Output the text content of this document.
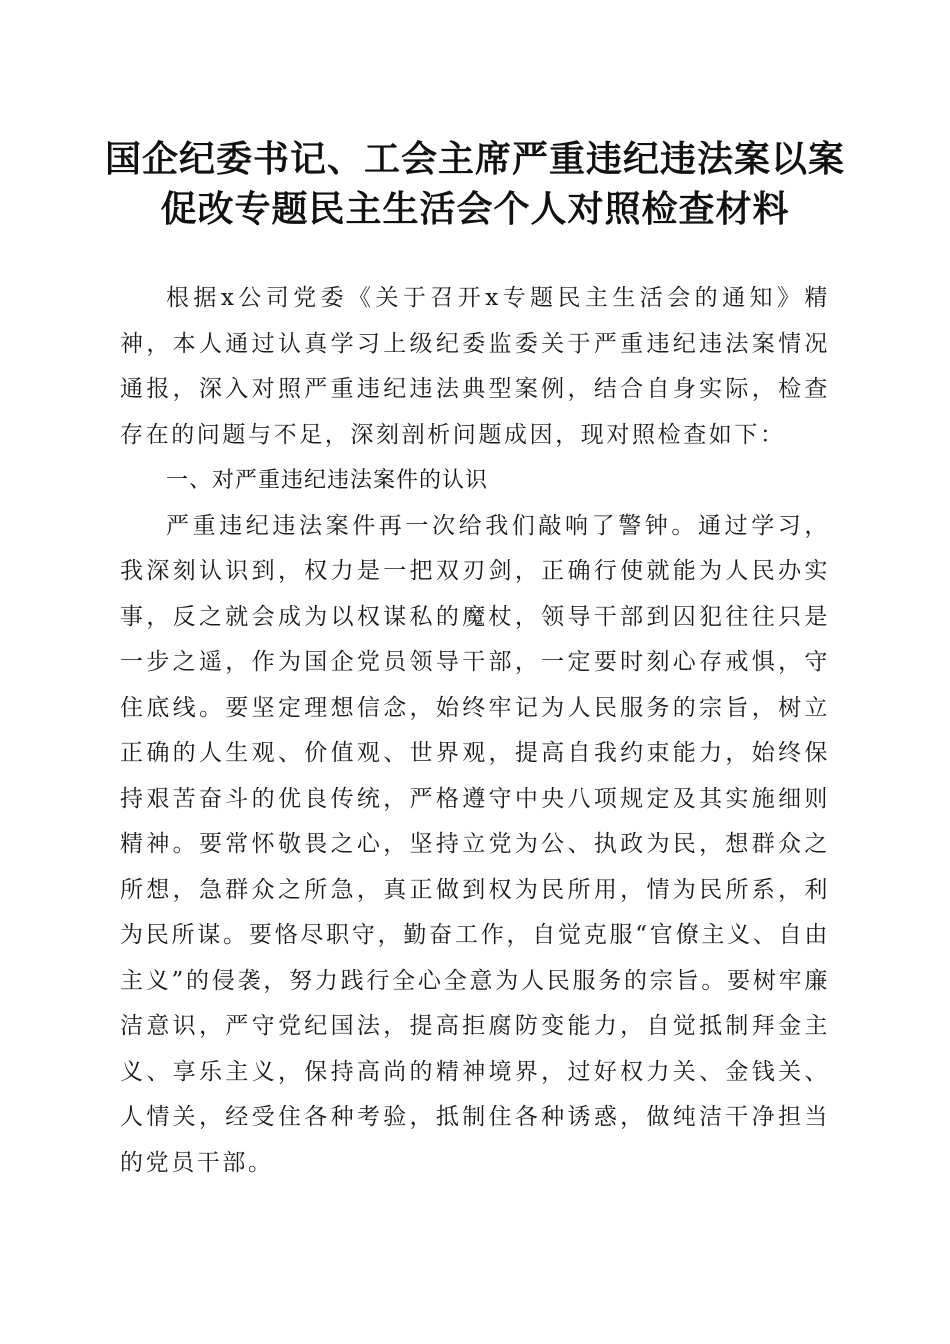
国企纪委书记、工会主席严重违纪违法案以案
促改专题民主生活会个人对照检查材料

根据x公司党委《关于召开x专题民主生活会的通知》精神，本人通过认真学习上级纪委监委关于严重违纪违法案情况通报，深入对照严重违纪违法典型案例，结合自身实际，检查存在的问题与不足，深刻剖析问题成因，现对照检查如下：

一、对严重违纪违法案件的认识

严重违纪违法案件再一次给我们敲响了警钟。通过学习，我深刻认识到，权力是一把双刃剑，正确行使就能为人民办实事，反之就会成为以权谋私的魔杖，领导干部到囚犯往往只是一步之遥，作为国企党员领导干部，一定要时刻心存戒惧，守住底线。要坚定理想信念，始终牢记为人民服务的宗旨，树立正确的人生观、价值观、世界观，提高自我约束能力，始终保持艰苦奋斗的优良传统，严格遵守中央八项规定及其实施细则精神。要常怀敬畏之心，坚持立党为公、执政为民，想群众之所想，急群众之所急，真正做到权为民所用，情为民所系，利为民所谋。要恪尽职守，勤奋工作，自觉克服“官僚主义、自由主义”的侵袭，努力践行全心全意为人民服务的宗旨。要树牢廉洁意识，严守党纪国法，提高拒腐防变能力，自觉抵制拜金主义、享乐主义，保持高尚的精神境界，过好权力关、金钱关、人情关，经受住各种考验，抵制住各种诱惑，做纯洁干净担当的党员干部。
